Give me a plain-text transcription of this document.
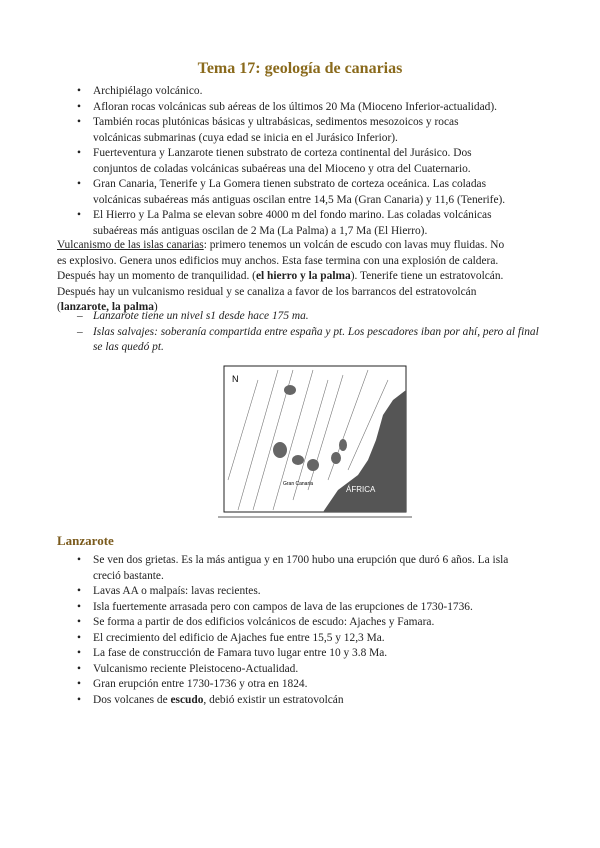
Tema 17: geología de canarias
• Archipiélago volcánico.
• Afloran rocas volcánicas sub aéreas de los últimos 20 Ma (Mioceno Inferior-actualidad).
• También rocas plutónicas básicas y ultrabásicas, sedimentos mesozoicos y rocas
volcánicas submarinas (cuya edad se inicia en el Jurásico Inferior).
• Fuerteventura y Lanzarote tienen substrato de corteza continental del Jurásico. Dos
conjuntos de coladas volcánicas subaéreas una del Mioceno y otra del Cuaternario.
• Gran Canaria, Tenerife y La Gomera tienen substrato de corteza oceánica. Las coladas
volcánicas subaéreas más antiguas oscilan entre 14,5 Ma (Gran Canaria) y 11,6 (Tenerife).
• El Hierro y La Palma se elevan sobre 4000 m del fondo marino. Las coladas volcánicas
subaéreas más antiguas oscilan de 2 Ma (La Palma) a 1,7 Ma (El Hierro).
Vulcanismo de las islas canarias: primero tenemos un volcán de escudo con lavas muy fluidas. No
es explosivo. Genera unos edificios muy anchos. Esta fase termina con una explosión de caldera.
Después hay un momento de tranquilidad. (el hierro y la palma). Tenerife tiene un estratovolcán.
Después hay un vulcanismo residual y se canaliza a favor de los barrancos del estratovolcán
(lanzarote, la palma)
– Lanzarote tiene un nivel s1 desde hace 175 ma.
– Islas salvajes: soberanía compartida entre españa y pt. Los pescadores iban por ahí, pero al final
se las quedó pt.
N
Gran Canaria
ÁFRICA
Lanzarote
• Se ven dos grietas. Es la más antigua y en 1700 hubo una erupción que duró 6 años. La isla
creció bastante.
• Lavas AA o malpaís: lavas recientes.
• Isla fuertemente arrasada pero con campos de lava de las erupciones de 1730-1736.
• Se forma a partir de dos edificios volcánicos de escudo: Ajaches y Famara.
• El crecimiento del edificio de Ajaches fue entre 15,5 y 12,3 Ma.
• La fase de construcción de Famara tuvo lugar entre 10 y 3.8 Ma.
• Vulcanismo reciente Pleistoceno-Actualidad.
• Gran erupción entre 1730-1736 y otra en 1824.
• Dos volcanes de escudo, debió existir un estratovolcán
